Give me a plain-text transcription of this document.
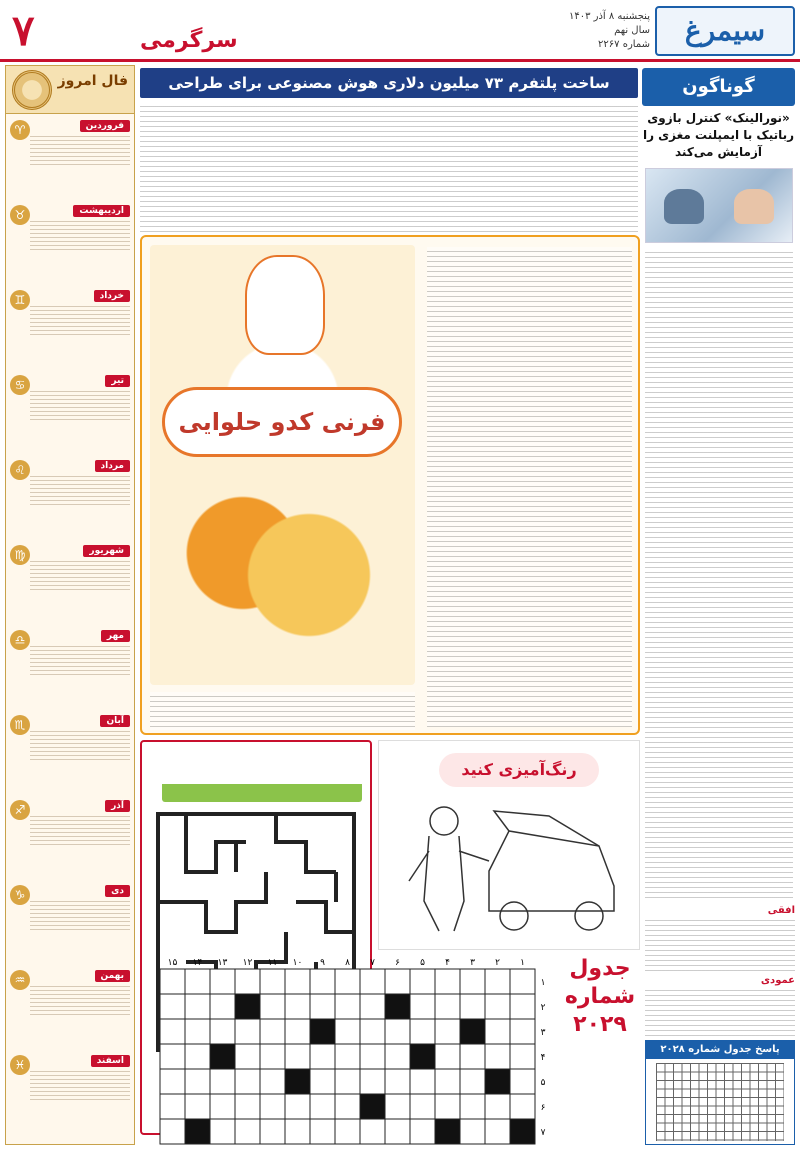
۷	سرگرمی
پنجشنبه ۸ آذر ۱۴۰۳
سال نهم
شماره ۲۲۶۷	سیمرغ
فال امروز
فروردین
♈
اردیبهشت
♉
خرداد
♊
تیر
♋
مرداد
♌
شهریور
♍
مهر
♎
آبان
♏
آذر
♐
دی
♑
بهمن
♒
اسفند
♓
گوناگون
«نورالینک» کنترل بازوی رباتیک با ایمپلنت مغزی را آزمایش می‌کند
ساخت پلتفرم ۷۳ میلیون دلاری هوش مصنوعی برای طراحی پروتئین
فرنی کدو حلوایی
رنگ‌آمیزی کنید
۱
۲
۳
۴
۵
۶
۷
۸
۹
۱۰
۱۱
۱۲
۱۳
۱۴
۱۵
۱
۲
۳
۴
۵
۶
۷
جدول شماره ۲۰۲۹
افقی
عمودی
پاسخ جدول شماره ۲۰۲۸
